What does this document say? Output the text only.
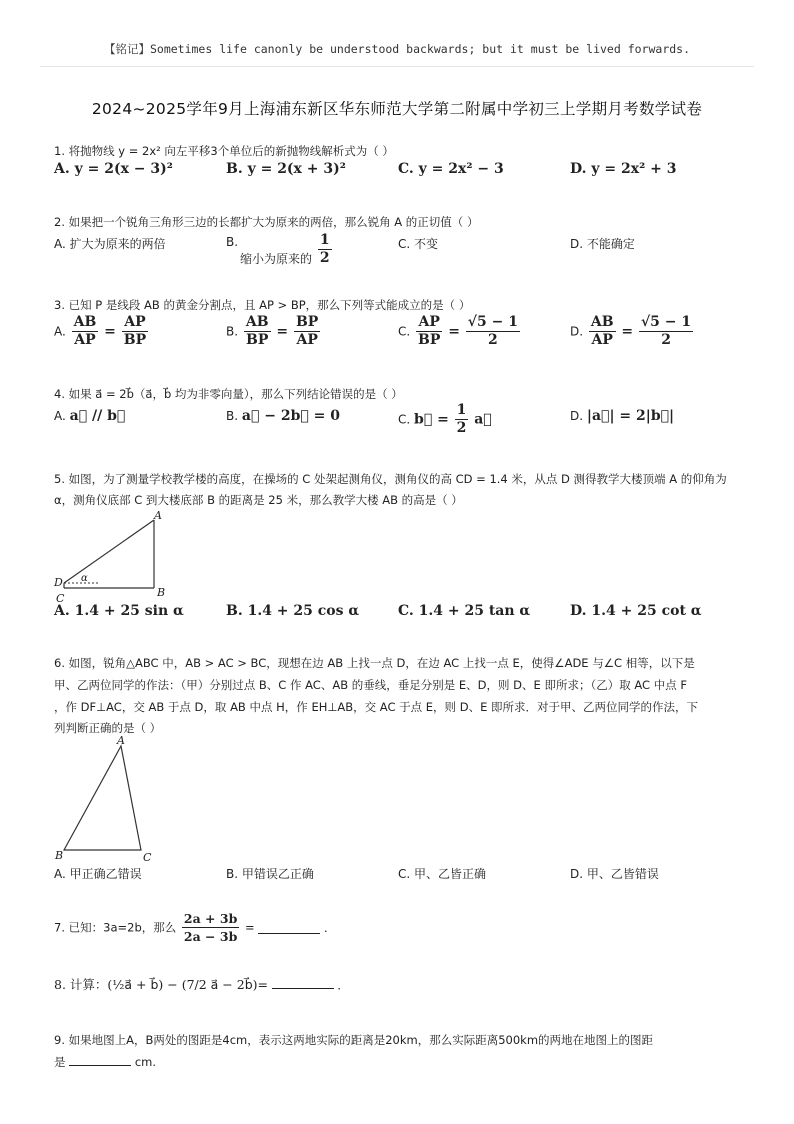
【铭记】Sometimes life canonly be understood backwards; but it must be lived forwards.
2024~2025学年9月上海浦东新区华东师范大学第二附属中学初三上学期月考数学试卷
1. 将抛物线 y = 2x² 向左平移3个单位后的新抛物线解析式为（ ）
A. y = 2(x − 3)²	B. y = 2(x + 3)²	C. y = 2x² − 3	D. y = 2x² + 3
2. 如果把一个锐角三角形三边的长都扩大为原来的两倍，那么锐角 A 的正切值（ ）
A. 扩大为原来的两倍	B.
缩小为原来的 $\frac{1}{2}$	C. 不变	D. 不能确定
3. 已知 P 是线段 AB 的黄金分割点，且 AP > BP，那么下列等式能成立的是（ ）
A. $\frac{AB}{AP} = \frac{AP}{BP}$	B. $\frac{AB}{BP} = \frac{BP}{AP}$	C. $\frac{AP}{BP} = \frac{√5 - 1}{2}$	D. $\frac{AB}{AP} = \frac{√5 - 1}{2}$
4. 如果 a⃗ = 2b⃗（a⃗，b⃗ 均为非零向量），那么下列结论错误的是（ ）
A. a⃗ // b⃗	B. a⃗ − 2b⃗ = 0	C. b⃗ = $\frac{1}{2}$ a⃗	D. |a⃗| = 2|b⃗|
5. 如图，为了测量学校教学楼的高度，在操场的 C 处架起测角仪，测角仪的高 CD = 1.4 米，从点 D 测得教学大楼顶端 A 的仰角为
α，测角仪底部 C 到大楼底部 B 的距离是 25 米，那么教学大楼 AB 的高是（ ）
A
B
C
D α
A. 1.4 + 25 sin α	B. 1.4 + 25 cos α	C. 1.4 + 25 tan α	D. 1.4 + 25 cot α
6. 如图，锐角△ABC 中，AB > AC > BC，现想在边 AB 上找一点 D，在边 AC 上找一点 E，使得∠ADE 与∠C 相等，以下是
甲、乙两位同学的作法：（甲）分别过点 B、C 作 AC、AB 的垂线，垂足分别是 E、D，则 D、E 即所求；（乙）取 AC 中点 F
，作 DF⊥AC，交 AB 于点 D，取 AB 中点 H，作 EH⊥AB，交 AC 于点 E，则 D、E 即所求．对于甲、乙两位同学的作法，下
列判断正确的是（ ）
A
B	C
A. 甲正确乙错误	B. 甲错误乙正确	C. 甲、乙皆正确	D. 甲、乙皆错误
7. 已知：3a=2b，那么 $\frac{2a + 3b}{2a - 3b}$ =	．
8. 计算：(½a⃗ + b⃗) − (7/2 a⃗ − 2b⃗)=	．
9. 如果地图上A，B两处的图距是4cm，表示这两地实际的距离是20km，那么实际距离500km的两地在地图上的图距
是	cm.
